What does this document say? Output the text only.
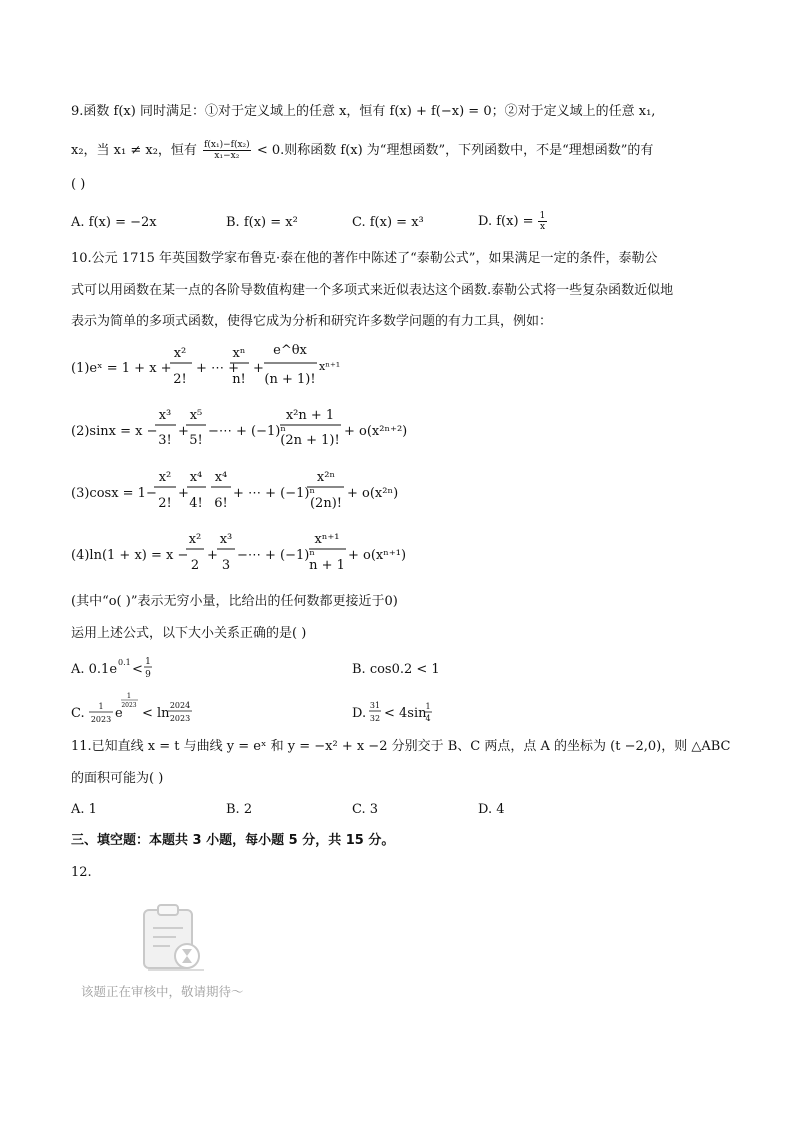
9.函数 f(x) 同时满足：①对于定义域上的任意 x，恒有 f(x) + f(−x) = 0；②对于定义域上的任意 x₁,
x₂，当 x₁ ≠ x₂，恒有 $\frac{\text{f(x₁)−f(x₂)}}{\text{x₁−x₂}} < 0$.则称函数 f(x) 为“理想函数”，下列函数中，不是“理想函数”的有
( )
A. f(x) = −2x	B. f(x) = x²	C. f(x) = x³	D. $f(x) = \frac{1}{x}$
10.公元 1715 年英国数学家布鲁克·泰在他的著作中陈述了“泰勒公式”，如果满足一定的条件，泰勒公
式可以用函数在某一点的各阶导数值构建一个多项式来近似表达这个函数.泰勒公式将一些复杂函数近似地
表示为简单的多项式函数，使得它成为分析和研究许多数学问题的有力工具，例如：
(1)eˣ = 1 + x +
x²
2!
+ ⋯ +
xⁿ
n!
+
e^θx
(n + 1)!
xⁿ⁺¹
(2)sinx = x −
x³
3!
+
x⁵
5!
−⋯ + (−1)ⁿ
x²n + 1
(2n + 1)!
+ o(x²ⁿ⁺²)
(3)cosx = 1−
x²
2!
+
x⁴
4!
x⁴
6!
+ ⋯ + (−1)ⁿ
x²ⁿ
(2n)!
+ o(x²ⁿ)
(4)ln(1 + x) = x −
x²
2
+
x³
3
−⋯ + (−1)ⁿ
xⁿ⁺¹
n + 1
+ o(xⁿ⁺¹)
A. 0.1e 0.1 < 1
9	B. cos0.2 < 1
C. 1
2023 e
1
2023
< ln
2024
2023	D.
31
32 < 4sin
1
4
(其中“o( )”表示无穷小量，比给出的任何数都更接近于0)
运用上述公式，以下大小关系正确的是( )
11.已知直线 x = t 与曲线 y = eˣ 和 y = −x² + x −2 分别交于 B、C 两点，点 A 的坐标为 (t −2,0)，则 △ABC
的面积可能为( )
A. 1	B. 2	C. 3	D. 4
三、填空题：本题共 3 小题，每小题 5 分，共 15 分。
12.
该题正在审核中，敬请期待～
